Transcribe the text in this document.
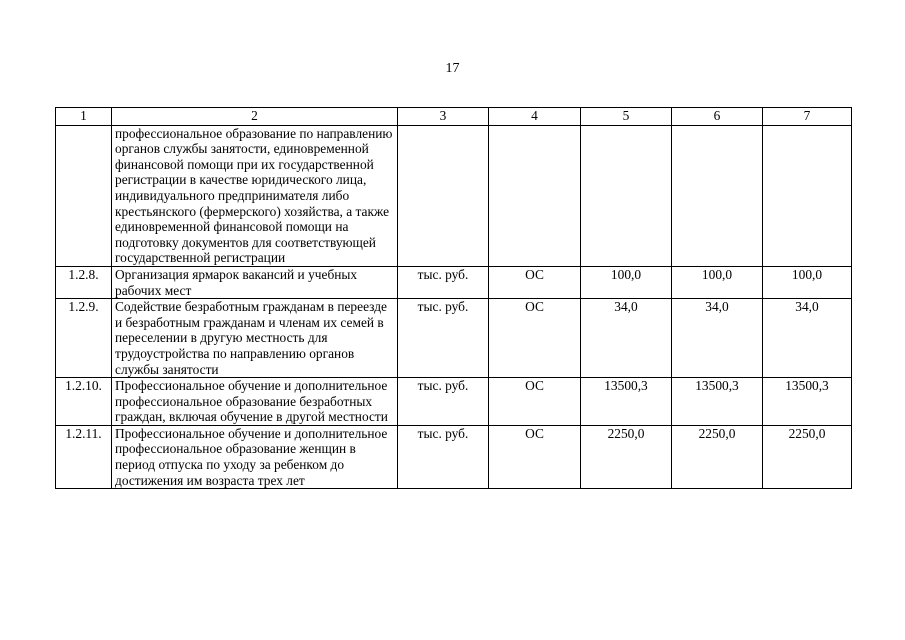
17
1	2	3	4	5	6	7
	профессиональное образование по направлению органов службы занятости, единовременной финансовой помощи при их государственной регистрации в качестве юридического лица, индивидуального предпринимателя либо крестьянского (фермерского) хозяйства, а также единовременной финансовой помощи на подготовку документов для соответствующей государственной регистрации					
1.2.8.	Организация ярмарок вакансий и учебных рабочих мест	тыс. руб.	ОС	100,0	100,0	100,0
1.2.9.	Содействие безработным гражданам в переезде и безработным гражданам и членам их семей в переселении в другую местность для трудоустройства по направлению органов службы занятости	тыс. руб.	ОС	34,0	34,0	34,0
1.2.10.	Профессиональное обучение и дополнительное профессиональное образование безработных граждан, включая обучение в другой местности	тыс. руб.	ОС	13500,3	13500,3	13500,3
1.2.11.	Профессиональное обучение и дополнительное профессиональное образование женщин в период отпуска по уходу за ребенком до достижения им возраста трех лет	тыс. руб.	ОС	2250,0	2250,0	2250,0
